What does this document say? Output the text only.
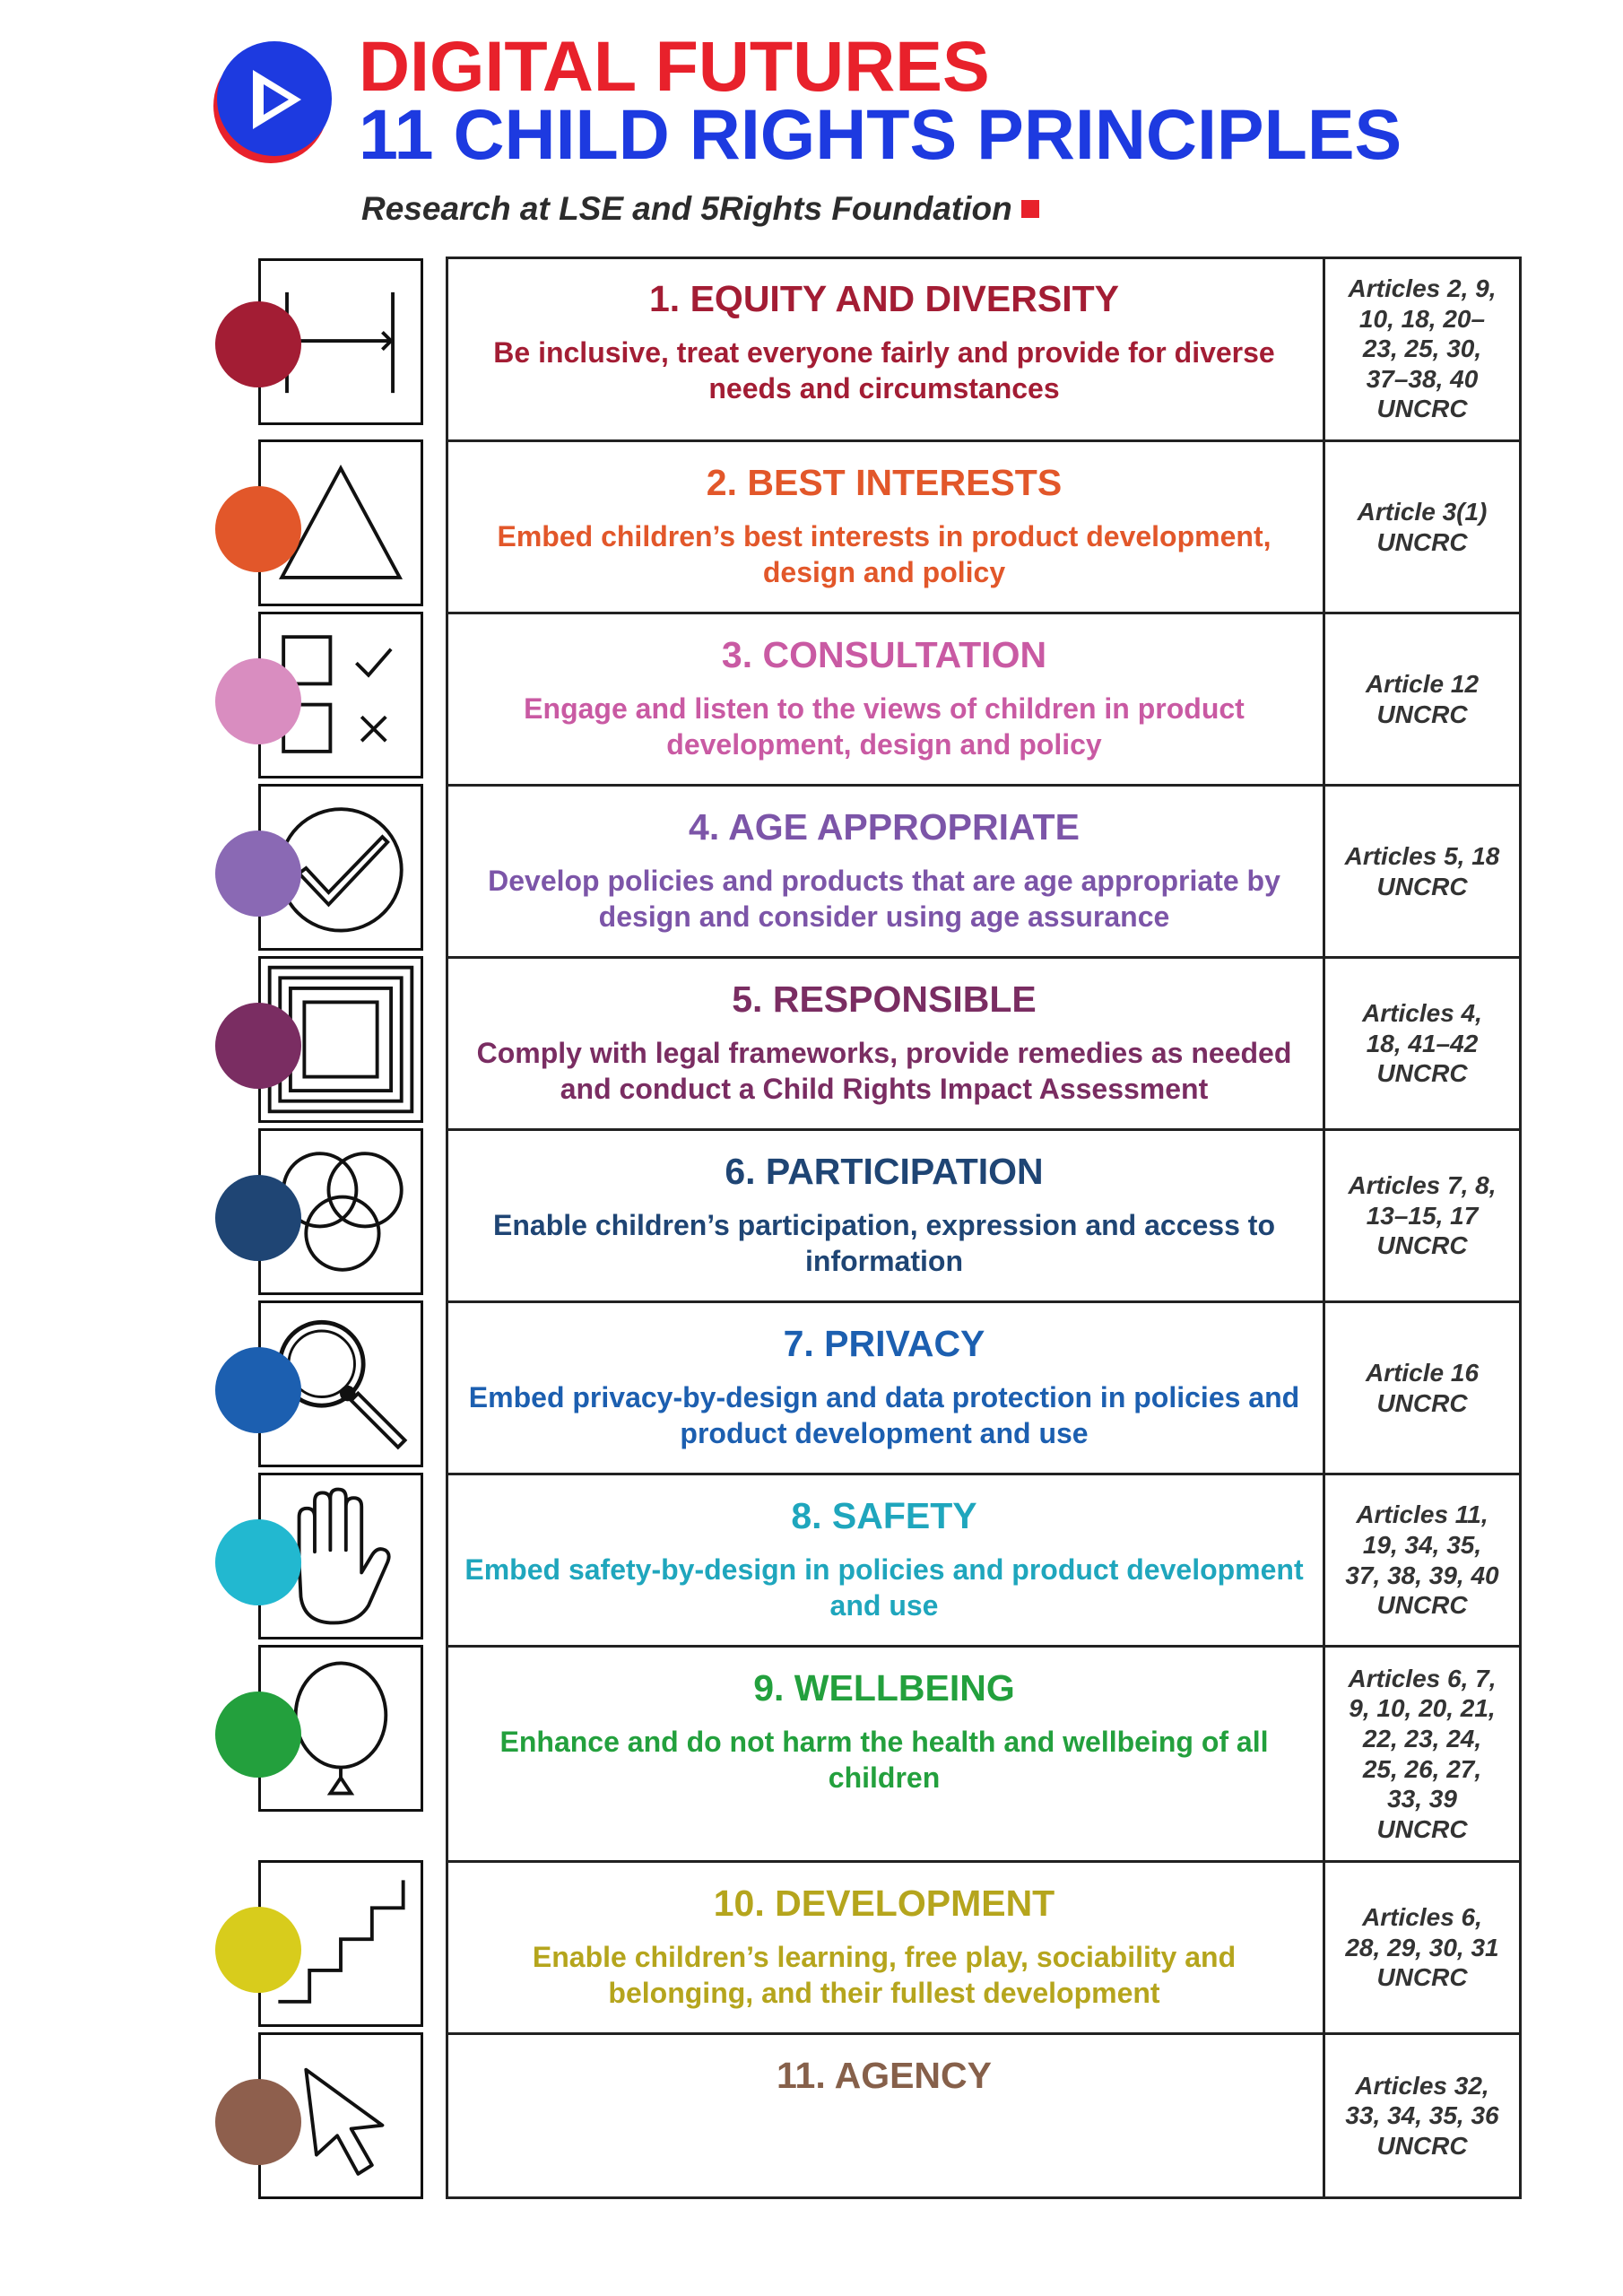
DIGITAL FUTURES
11 CHILD RIGHTS PRINCIPLES
Research at LSE and 5Rights Foundation
1. EQUITY AND DIVERSITY
Be inclusive, treat everyone fairly and provide for diverse needs and circumstances
Articles 2, 9,
10, 18, 20–
23, 25, 30,
37–38, 40
UNCRC
2. BEST INTERESTS
Embed children’s best interests in product development, design and policy
Article 3(1)
UNCRC
3. CONSULTATION
Engage and listen to the views of children in product development, design and policy
Article 12
UNCRC
4. AGE APPROPRIATE
Develop policies and products that are age appropriate by design and consider using age assurance
Articles 5, 18
UNCRC
5. RESPONSIBLE
Comply with legal frameworks, provide remedies as needed and conduct a Child Rights Impact Assessment
Articles 4,
18, 41–42
UNCRC
6. PARTICIPATION
Enable children’s participation, expression and access to information
Articles 7, 8,
13–15, 17
UNCRC
7. PRIVACY
Embed privacy-by-design and data protection in policies and product development and use
Article 16
UNCRC
8. SAFETY
Embed safety-by-design in policies and product development and use
Articles 11,
19, 34, 35,
37, 38, 39, 40
UNCRC
9. WELLBEING
Enhance and do not harm the health and wellbeing of all children
Articles 6, 7,
9, 10, 20, 21,
22, 23, 24,
25, 26, 27,
33, 39
UNCRC
10. DEVELOPMENT
Enable children’s learning, free play, sociability and belonging, and their fullest development
Articles 6,
28, 29, 30, 31
UNCRC
11. AGENCY	Articles 32,
33, 34, 35, 36
UNCRC
